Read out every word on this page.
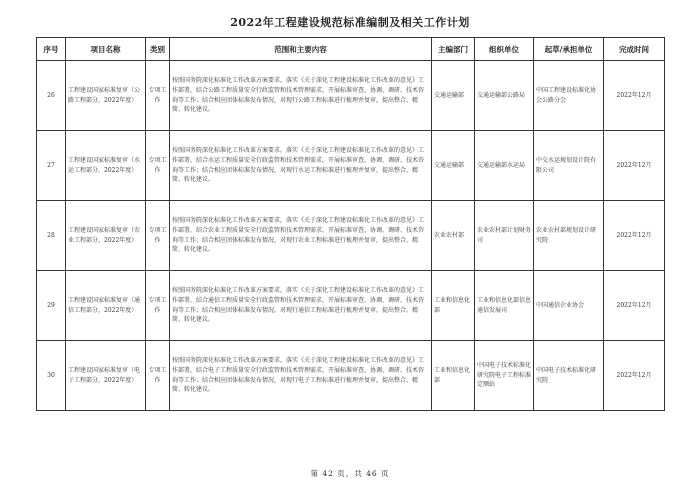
2022年工程建设规范标准编制及相关工作计划
序号	项目名称	类别	范围和主要内容	主编部门	组织单位	起草/承担单位	完成时间
26	工程建设国家标准复审（公路工程部分，2022年度）	专项工作	按照国务院深化标准化工作改革方案要求，落实《关于深化工程建设标准化工作改革的意见》工作部署，结合公路工程质量安全行政监管和技术管理需求，开展标准审查、协调、调研、技术咨询等工作；结合相应团体标准发布情况，对现行公路工程标准进行梳理并复审，提出整合、精简、转化建议。	交通运输部	交通运输部公路局	中国工程建设标准化协会公路分会	2022年12月
27	工程建设国家标准复审（水运工程部分，2022年度）	专项工作	按照国务院深化标准化工作改革方案要求，落实《关于深化工程建设标准化工作改革的意见》工作部署，结合水运工程质量安全行政监管和技术管理需求，开展标准审查、协调、调研、技术咨询等工作；结合相应团体标准发布情况，对现行水运工程标准进行梳理并复审，提出整合、精简、转化建议。	交通运输部	交通运输部水运局	中交水运规划设计院有限公司	2022年12月
28	工程建设国家标准复审（农业工程部分，2022年度）	专项工作	按照国务院深化标准化工作改革方案要求，落实《关于深化工程建设标准化工作改革的意见》工作部署，结合农业工程质量安全行政监管和技术管理需求，开展标准审查、协调、调研、技术咨询等工作；结合相应团体标准发布情况，对现行农业工程标准进行梳理并复审，提出整合、精简、转化建议。	农业农村部	农业农村部计划财务司	农业农村部规划设计研究院	2022年12月
29	工程建设国家标准复审（通信工程部分，2022年度）	专项工作	按照国务院深化标准化工作改革方案要求，落实《关于深化工程建设标准化工作改革的意见》工作部署，结合通信工程质量安全行政监管和技术管理需求，开展标准审查、协调、调研、技术咨询等工作；结合相应团体标准发布情况，对现行通信工程标准进行梳理并复审，提出整合、精简、转化建议。	工业和信息化部	工业和信息化部信息通信发展司	中国通信企业协会	2022年12月
30	工程建设国家标准复审（电子工程部分，2022年度）	专项工作	按照国务院深化标准化工作改革方案要求，落实《关于深化工程建设标准化工作改革的意见》工作部署，结合电子工程质量安全行政监管和技术管理需求，开展标准审查、协调、调研、技术咨询等工作；结合相应团体标准发布情况，对现行电子工程标准进行梳理并复审，提出整合、精简、转化建议。	工业和信息化部	中国电子技术标准化研究院电子工程标准定额站	中国电子技术标准化研究院	2022年12月
第 42 页，共 46 页
